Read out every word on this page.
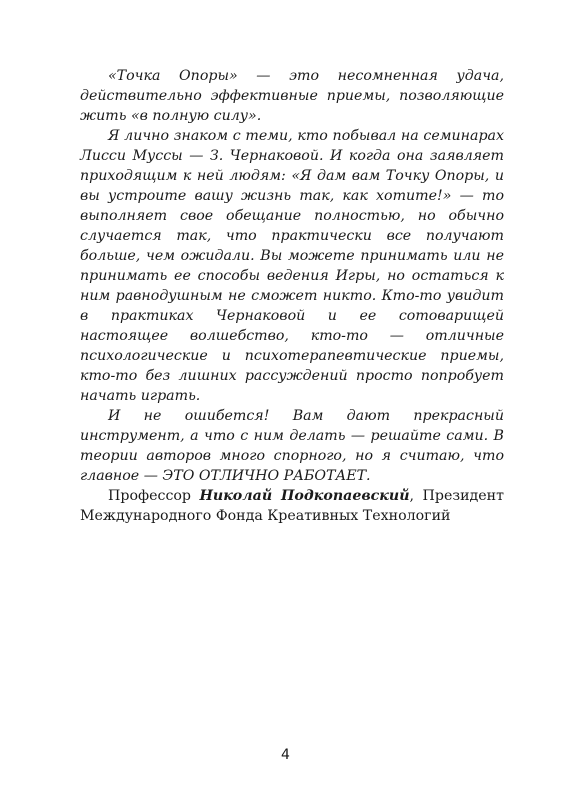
«Точка Опоры» — это несомненная удача, действительно эффективные приемы, позволяющие жить «в полную силу».

Я лично знаком с теми, кто побывал на семинарах Лисси Муссы — З. Чернаковой. И когда она заявляет приходящим к ней людям: «Я дам вам Точку Опоры, и вы устроите вашу жизнь так, как хотите!» — то выполняет свое обещание полностью, но обычно случается так, что практически все получают больше, чем ожидали. Вы можете принимать или не принимать ее способы ведения Игры, но остаться к ним равнодушным не сможет никто. Кто-то увидит в практиках Чернаковой и ее сотоварищей настоящее волшебство, кто-то — отличные психологические и психотерапевтические приемы, кто-то без лишних рассуждений просто попробует начать играть.

И не ошибется! Вам дают прекрасный инструмент, а что с ним делать — решайте сами. В теории авторов много спорного, но я считаю, что главное — ЭТО ОТЛИЧНО РАБОТАЕТ.

Профессор Николай Подкопаевский, Президент Международного Фонда Креативных Технологий

4
